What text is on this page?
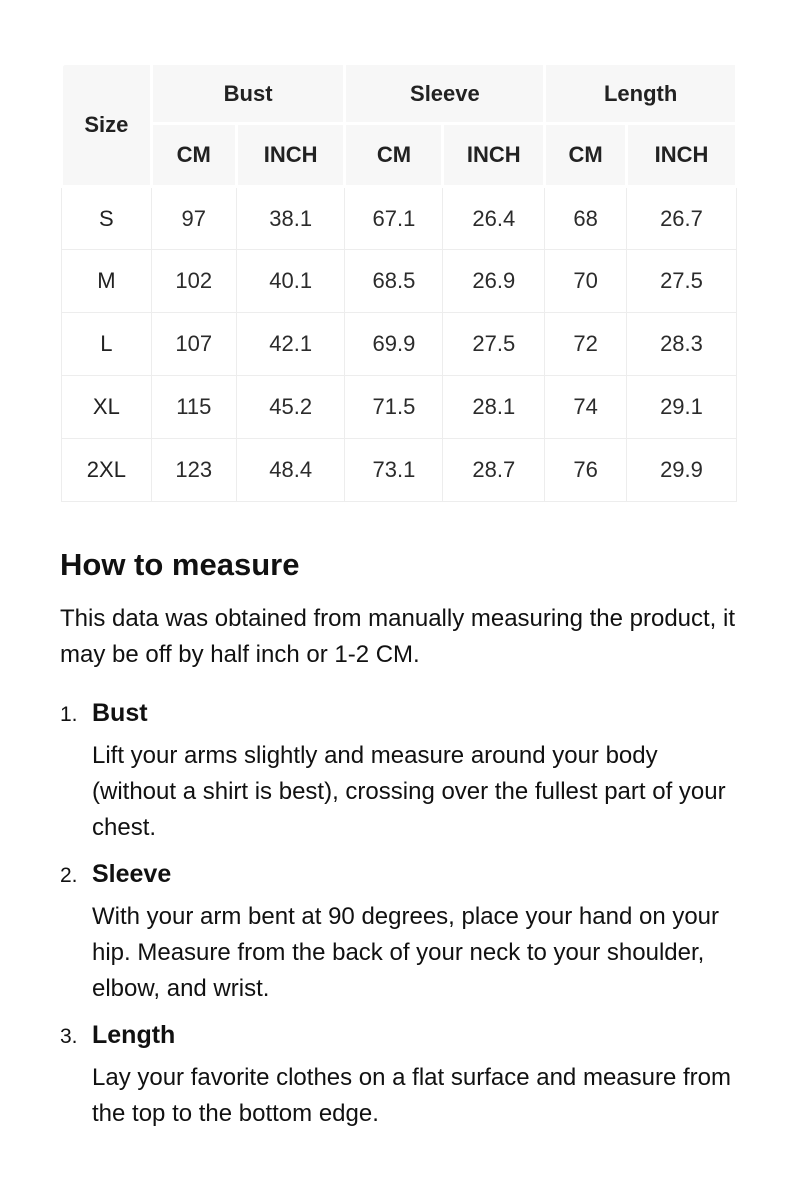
Size	Bust		Sleeve		Length	
	CM	INCH	CM	INCH	CM	INCH
S	97	38.1	67.1	26.4	68	26.7
M	102	40.1	68.5	26.9	70	27.5
L	107	42.1	69.9	27.5	72	28.3
XL	115	45.2	71.5	28.1	74	29.1
2XL	123	48.4	73.1	28.7	76	29.9
How to measure

This data was obtained from manually measuring the product, it may be off by half inch or 1-2 CM.

1. Bust
Lift your arms slightly and measure around your body (without a shirt is best), crossing over the fullest part of your chest.
2. Sleeve
With your arm bent at 90 degrees, place your hand on your hip. Measure from the back of your neck to your shoulder, elbow, and wrist.
3. Length
Lay your favorite clothes on a flat surface and measure from the top to the bottom edge.
